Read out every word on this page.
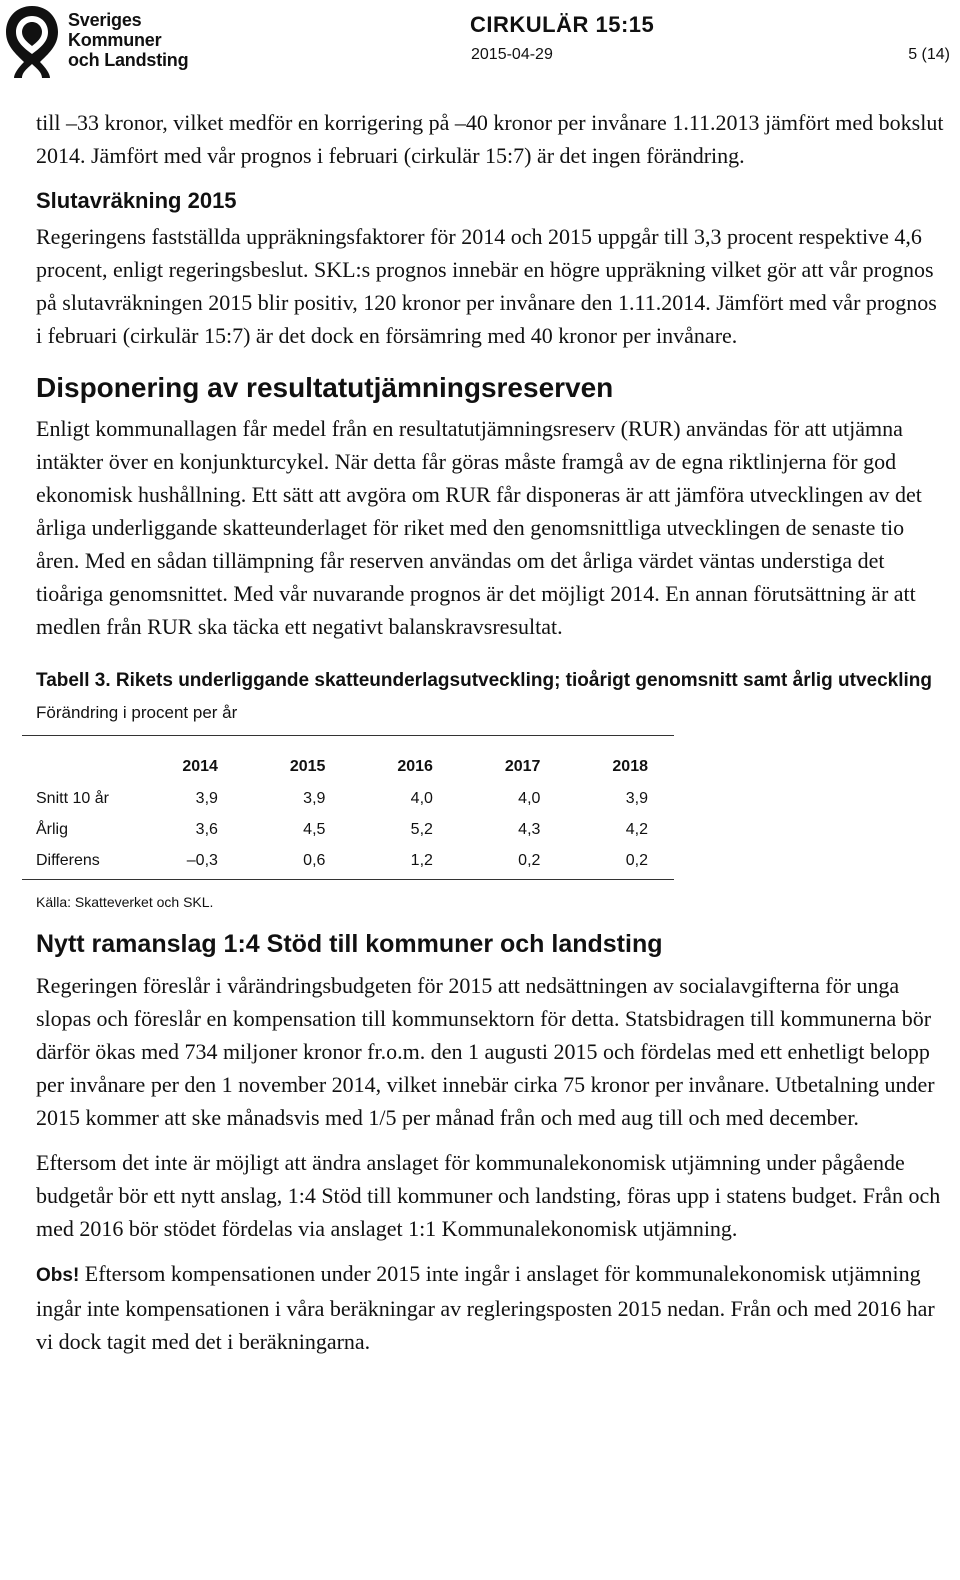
Sveriges
Kommuner
och Landsting
CIRKULÄR 15:15
2015-04-29	5 (14)

till –33 kronor, vilket medför en korrigering på –40 kronor per invånare 1.11.2013 jämfört med bokslut 2014. Jämfört med vår prognos i februari (cirkulär 15:7) är det ingen förändring.

Slutavräkning 2015

Regeringens fastställda uppräkningsfaktorer för 2014 och 2015 uppgår till 3,3 procent respektive 4,6 procent, enligt regeringsbeslut. SKL:s prognos innebär en högre uppräkning vilket gör att vår prognos på slutavräkningen 2015 blir positiv, 120 kronor per invånare den 1.11.2014. Jämfört med vår prognos i februari (cirkulär 15:7) är det dock en försämring med 40 kronor per invånare.

Disponering av resultatutjämningsreserven

Enligt kommunallagen får medel från en resultatutjämningsreserv (RUR) användas för att utjämna intäkter över en konjunkturcykel. När detta får göras måste framgå av de egna riktlinjerna för god ekonomisk hushållning. Ett sätt att avgöra om RUR får disponeras är att jämföra utvecklingen av det årliga underliggande skatteunderlaget för riket med den genomsnittliga utvecklingen de senaste tio åren. Med en sådan tillämpning får reserven användas om det årliga värdet väntas understiga det tioåriga genomsnittet. Med vår nuvarande prognos är det möjligt 2014. En annan förutsättning är att medlen från RUR ska täcka ett negativt balanskravsresultat.

Tabell 3. Rikets underliggande skatteunderlagsutveckling; tioårigt genomsnitt samt årlig utveckling
Förändring i procent per år
	2014	2015	2016	2017	2018
Snitt 10 år	3,9	3,9	4,0	4,0	3,9
Årlig	3,6	4,5	5,2	4,3	4,2
Differens	–0,3	0,6	1,2	0,2	0,2
Källa: Skatteverket och SKL.
Nytt ramanslag 1:4 Stöd till kommuner och landsting

Regeringen föreslår i vårändringsbudgeten för 2015 att nedsättningen av socialavgifterna för unga slopas och föreslår en kompensation till kommunsektorn för detta. Statsbidragen till kommunerna bör därför ökas med 734 miljoner kronor fr.o.m. den 1 augusti 2015 och fördelas med ett enhetligt belopp per invånare per den 1 november 2014, vilket innebär cirka 75 kronor per invånare. Utbetalning under 2015 kommer att ske månadsvis med 1/5 per månad från och med aug till och med december.

Eftersom det inte är möjligt att ändra anslaget för kommunalekonomisk utjämning under pågående budgetår bör ett nytt anslag, 1:4 Stöd till kommuner och landsting, föras upp i statens budget. Från och med 2016 bör stödet fördelas via anslaget 1:1 Kommunalekonomisk utjämning.

Obs! Eftersom kompensationen under 2015 inte ingår i anslaget för kommunalekonomisk utjämning ingår inte kompensationen i våra beräkningar av regleringsposten 2015 nedan. Från och med 2016 har vi dock tagit med det i beräkningarna.
